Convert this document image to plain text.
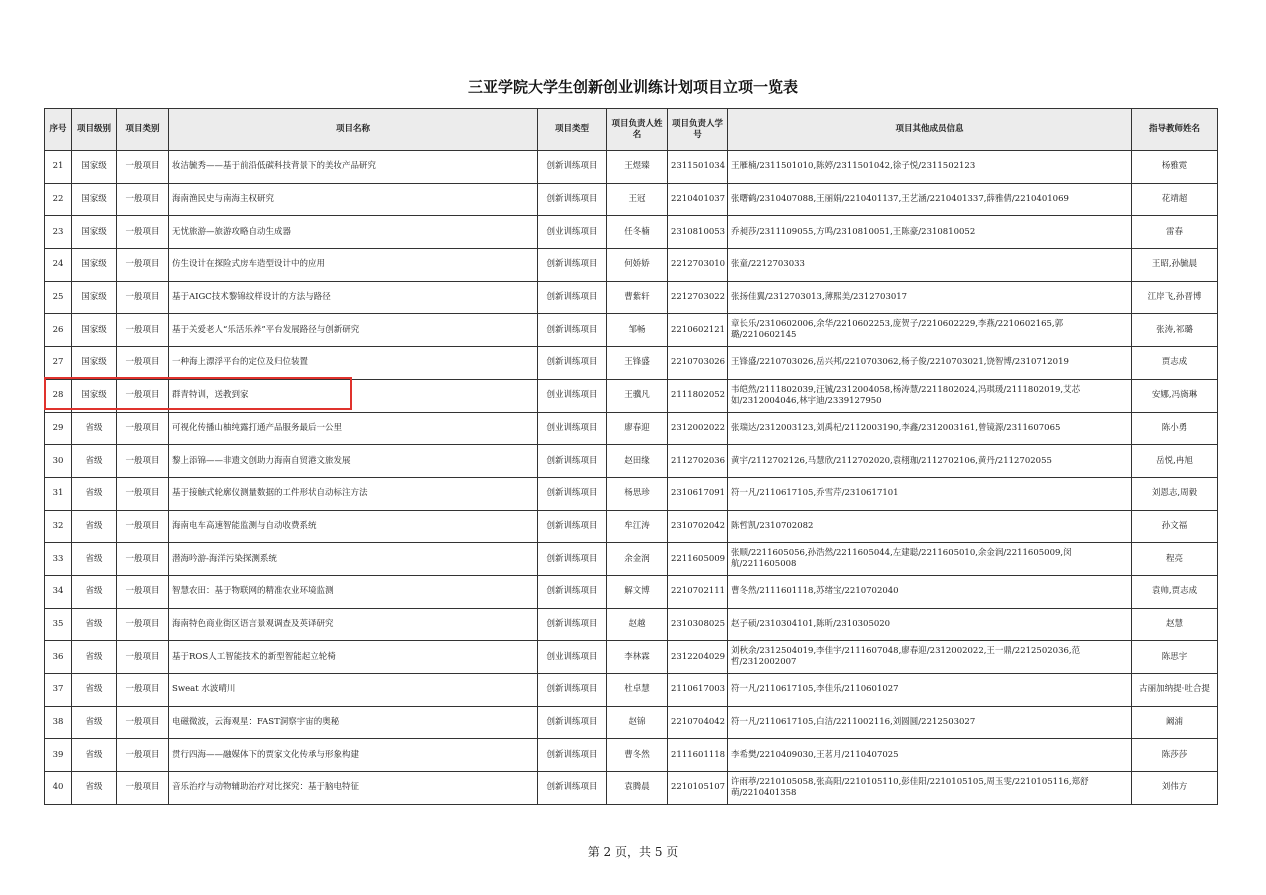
三亚学院大学生创新创业训练计划项目立项一览表
序号	项目级别	项目类别	项目名称	项目类型	项目负责人姓名	项目负责人学号	项目其他成员信息	指导教师姓名
21	国家级	一般项目	妆洁毓秀——基于前沿低碳科技背景下的美妆产品研究	创新训练项目	王煜臻	2311501034	王雁楠/2311501010,陈婷/2311501042,徐子悦/2311502123	杨雅霓
22	国家级	一般项目	海南渔民史与南海主权研究	创新训练项目	王冠	2210401037	张曙鹤/2310407088,王丽娟/2210401137,王艺涵/2210401337,薛雅倩/2210401069	花靖超
23	国家级	一般项目	无忧旅游—旅游攻略自动生成器	创业训练项目	任冬楠	2310810053	乔昶莎/2311109055,方鸣/2310810051,王陈豪/2310810052	雷春
24	国家级	一般项目	仿生设计在探险式房车造型设计中的应用	创新训练项目	何娇娇	2212703010	张童/2212703033	王昭,孙毓晨
25	国家级	一般项目	基于AIGC技术黎锦纹样设计的方法与路径	创新训练项目	曹紫轩	2212703022	张扬佳翼/2312703013,薄熙美/2312703017	江岸飞,孙晋博
26	国家级	一般项目	基于关爱老人“乐活乐养”平台发展路径与创新研究	创新训练项目	邹畅	2210602121	章长乐/2310602006,余华/2210602253,庞贺子/2210602229,李燕/2210602165,郭璐/2210602145	张涛,祁璐
27	国家级	一般项目	一种海上漂浮平台的定位及归位装置	创新训练项目	王锋盛	2210703026	王锋盛/2210703026,岳兴邦/2210703062,杨子俊/2210703021,饶智博/2310712019	贾志成
28	国家级	一般项目	群青特训，送教到家	创业训练项目	王骥凡	2111802052	韦皑然/2111802039,汪铖/2312004058,杨涛慧/2211802024,冯琪瑗/2111802019,艾芯如/2312004046,林宇迪/2339127950	安娜,冯旖琳
29	省级	一般项目	可视化传播山柚纯露打通产品服务最后一公里	创业训练项目	廖春迎	2312002022	张瑞达/2312003123,刘禹杞/2112003190,李鑫/2312003161,曾镜源/2311607065	陈小勇
30	省级	一般项目	黎上添锦——非遗文创助力海南自贸港文旅发展	创新训练项目	赵田缘	2112702036	黄宇/2112702126,马慧欣/2112702020,袁栩珈/2112702106,黄丹/2112702055	岳悦,冉旭
31	省级	一般项目	基于接触式轮廓仪测量数据的工件形状自动标注方法	创新训练项目	杨思珍	2310617091	符一凡/2110617105,乔雪芹/2310617101	刘恩志,周毅
32	省级	一般项目	海南电车高速智能监测与自动收费系统	创新训练项目	牟江涛	2310702042	陈哲凯/2310702082	孙文福
33	省级	一般项目	潜海吟游-海洋污染探测系统	创新训练项目	余金润	2211605009	张顺/2211605056,孙浩然/2211605044,左建聪/2211605010,余金润/2211605009,闵航/2211605008	程亮
34	省级	一般项目	智慧农田：基于物联网的精准农业环境监测	创新训练项目	解文博	2210702111	曹冬然/2111601118,苏绪宝/2210702040	袁帅,贾志成
35	省级	一般项目	海南特色商业街区语言景观调查及英译研究	创新训练项目	赵越	2310308025	赵子硕/2310304101,陈昕/2310305020	赵慧
36	省级	一般项目	基于ROS人工智能技术的新型智能起立轮椅	创业训练项目	李林霖	2312204029	刘秋余/2312504019,李佳宇/2111607048,廖春迎/2312002022,王一鼎/2212502036,范哲/2312002007	陈思宇
37	省级	一般项目	Sweat 水波晴川	创新训练项目	杜卓慧	2110617003	符一凡/2110617105,李佳乐/2110601027	古丽加纳提·吐合提
38	省级	一般项目	电磁微波，云海观星：FAST洞察宇宙的奥秘	创新训练项目	赵锦	2210704042	符一凡/2110617105,白洁/2211002116,刘圆圆/2212503027	阚浦
39	省级	一般项目	贯行四海——融媒体下的贾家文化传承与形象构建	创新训练项目	曹冬然	2111601118	李希樊/2210409030,王茗月/2110407025	陈莎莎
40	省级	一般项目	音乐治疗与动物辅助治疗对比探究：基于脑电特征	创新训练项目	袁腾晨	2210105107	许雨葶/2210105058,张高阳/2210105110,彭佳阳/2210105105,周玉雯/2210105116,郑舒萌/2210401358	刘伟方
第 2 页，共 5 页
